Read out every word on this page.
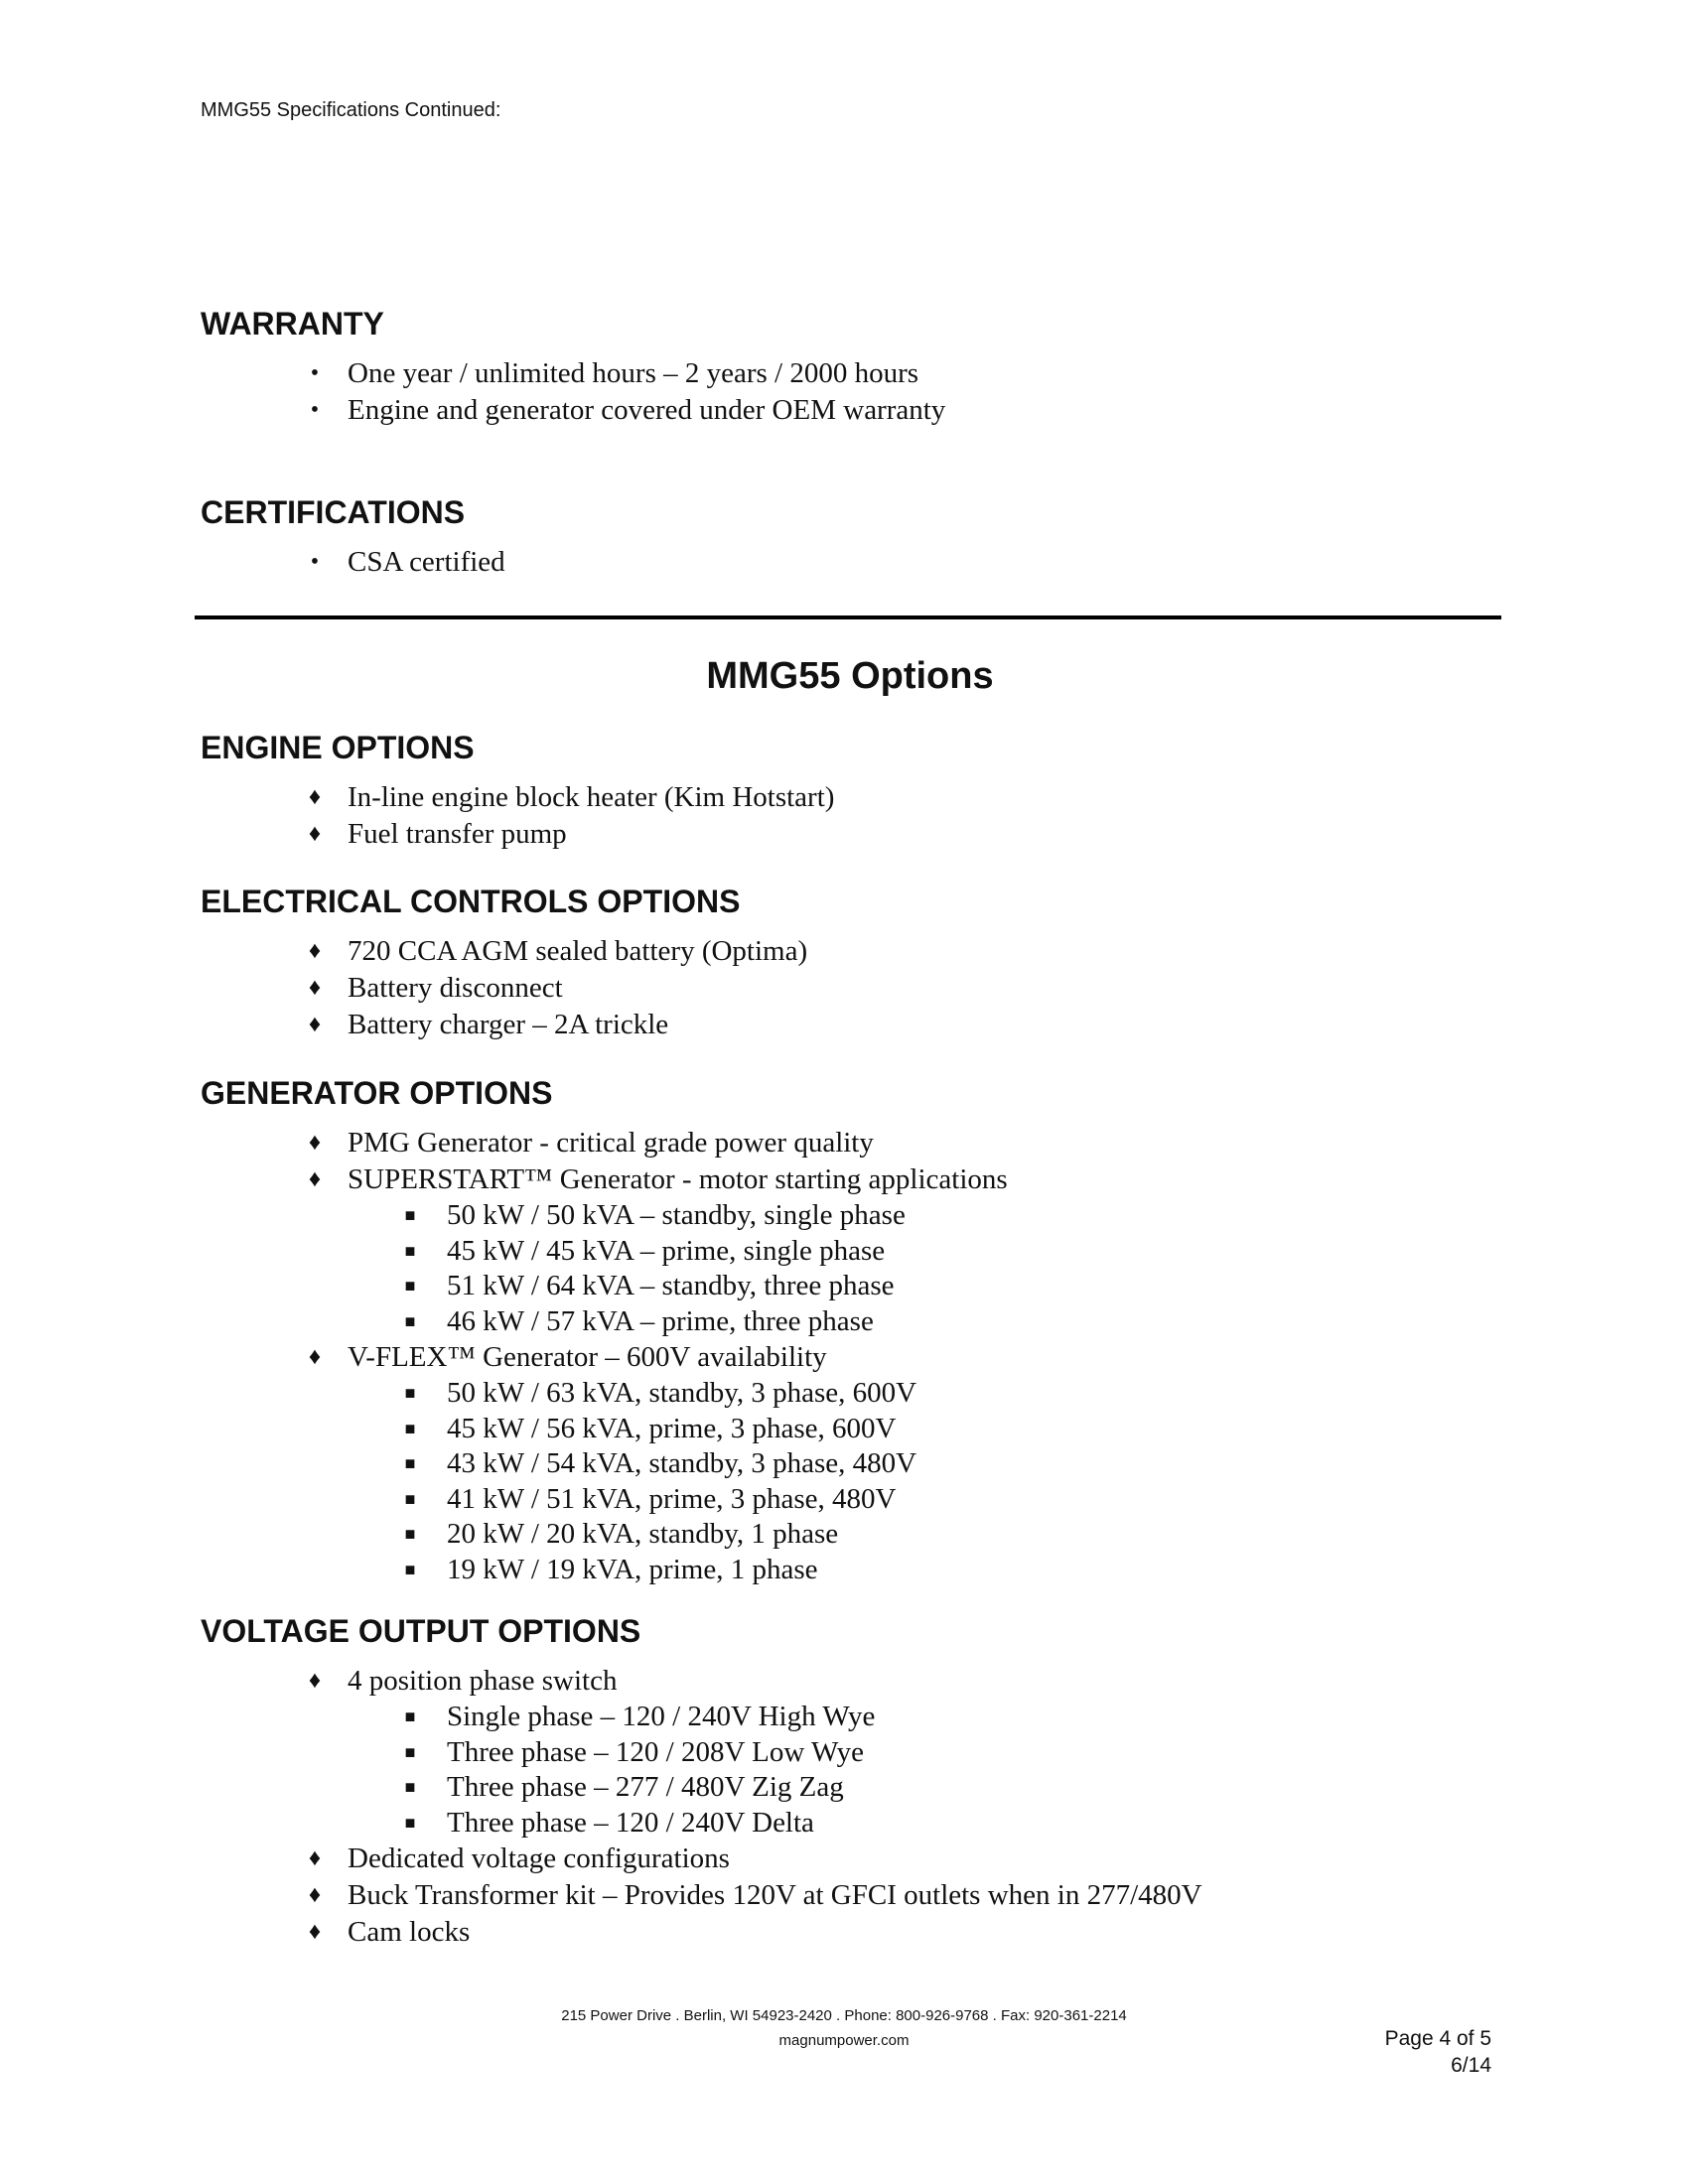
MMG55 Specifications Continued:
WARRANTY
• One year / unlimited hours – 2 years / 2000 hours
• Engine and generator covered under OEM warranty
CERTIFICATIONS
• CSA certified
MMG55 Options
ENGINE OPTIONS
♦ In-line engine block heater (Kim Hotstart)
♦ Fuel transfer pump
ELECTRICAL CONTROLS OPTIONS
♦ 720 CCA AGM sealed battery (Optima)
♦ Battery disconnect
♦ Battery charger – 2A trickle
GENERATOR OPTIONS
♦ PMG Generator - critical grade power quality
♦ SUPERSTART™ Generator - motor starting applications
■	50 kW / 50 kVA – standby, single phase
■	45 kW / 45 kVA – prime, single phase
■	51 kW / 64 kVA – standby, three phase
■	46 kW / 57 kVA – prime, three phase
♦ V-FLEX™ Generator – 600V availability
■	50 kW / 63 kVA, standby, 3 phase, 600V
■	45 kW / 56 kVA, prime, 3 phase, 600V
■	43 kW / 54 kVA, standby, 3 phase, 480V
■	41 kW / 51 kVA, prime, 3 phase, 480V
■	20 kW / 20 kVA, standby, 1 phase
■	19 kW / 19 kVA, prime, 1 phase
VOLTAGE OUTPUT OPTIONS
♦ 4 position phase switch
■	Single phase – 120 / 240V High Wye
■	Three phase – 120 / 208V Low Wye
■	Three phase – 277 / 480V Zig Zag
■	Three phase – 120 / 240V Delta
♦ Dedicated voltage configurations
♦ Buck Transformer kit – Provides 120V at GFCI outlets when in 277/480V
♦ Cam locks
215 Power Drive . Berlin, WI 54923-2420 . Phone: 800-926-9768 . Fax: 920-361-2214
magnumpower.com	Page 4 of 5
6/14
